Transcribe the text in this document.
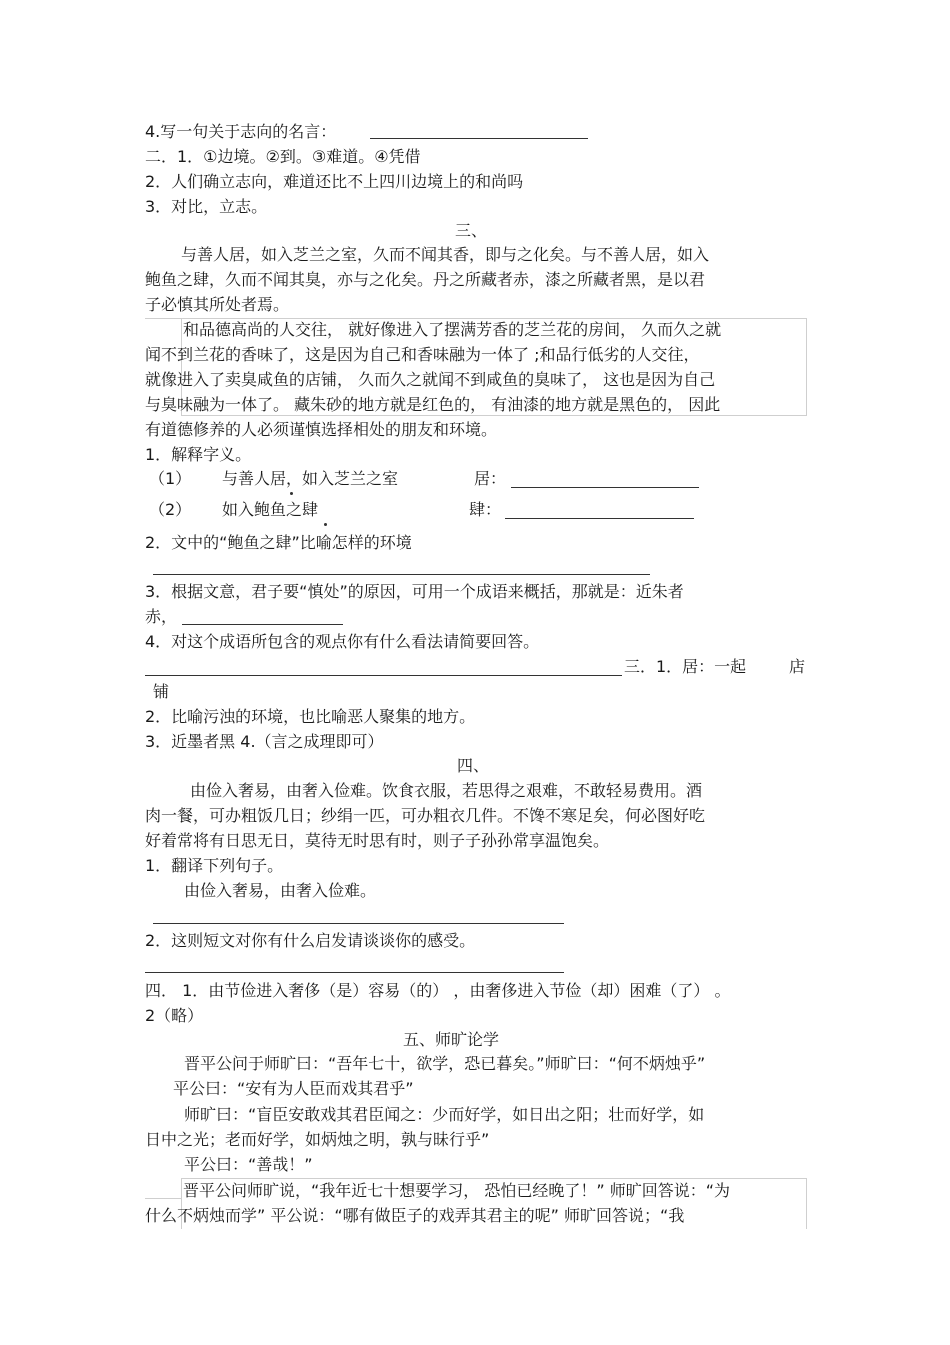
4.写一句关于志向的名言：
二．1．①边境。②到。③难道。④凭借
2．人们确立志向，难道还比不上四川边境上的和尚吗
3．对比，立志。
三、
与善人居，如入芝兰之室，久而不闻其香，即与之化矣。与不善人居，如入
鲍鱼之肆，久而不闻其臭，亦与之化矣。丹之所藏者赤，漆之所藏者黑，是以君
子必慎其所处者焉。
和品德高尚的人交往， 就好像进入了摆满芳香的芝兰花的房间， 久而久之就
闻不到兰花的香味了，这是因为自己和香味融为一体了 ;和品行低劣的人交往，
就像进入了卖臭咸鱼的店铺， 久而久之就闻不到咸鱼的臭味了， 这也是因为自己
与臭味融为一体了。 藏朱砂的地方就是红色的， 有油漆的地方就是黑色的， 因此
有道德修养的人必须谨慎选择相处的朋友和环境。
1．解释字义。
（1） 与善人居，如入芝兰之室	居：
（2） 如入鲍鱼之肆	肆：
2．文中的“鲍鱼之肆”比喻怎样的环境
3．根据文意，君子要“慎处”的原因，可用一个成语来概括，那就是：近朱者
赤，
4．对这个成语所包含的观点你有什么看法请简要回答。
三．1．居：一起	店
铺
2．比喻污浊的环境，也比喻恶人聚集的地方。
3．近墨者黑 4.（言之成理即可）
四、
由俭入奢易，由奢入俭难。饮食衣服，若思得之艰难，不敢轻易费用。酒
肉一餐，可办粗饭几日；纱绢一匹，可办粗衣几件。不馋不寒足矣，何必图好吃
好着常将有日思无日，莫待无时思有时，则子子孙孙常享温饱矣。
1．翻译下列句子。
由俭入奢易，由奢入俭难。
2．这则短文对你有什么启发请谈谈你的感受。
四． 1．由节俭进入奢侈（是）容易（的） ，由奢侈进入节俭（却）困难（了） 。
2（略）
五、师旷论学
晋平公问于师旷曰：“吾年七十，欲学，恐已暮矣。”师旷曰：“何不炳烛乎”
平公曰：“安有为人臣而戏其君乎”
师旷曰：“盲臣安敢戏其君臣闻之：少而好学，如日出之阳；壮而好学，如
日中之光；老而好学，如炳烛之明，孰与昧行乎”
平公曰：“善哉！”
晋平公问师旷说，“我年近七十想要学习， 恐怕已经晚了！” 师旷回答说：“为
什么不炳烛而学” 平公说：“哪有做臣子的戏弄其君主的呢” 师旷回答说；“我
